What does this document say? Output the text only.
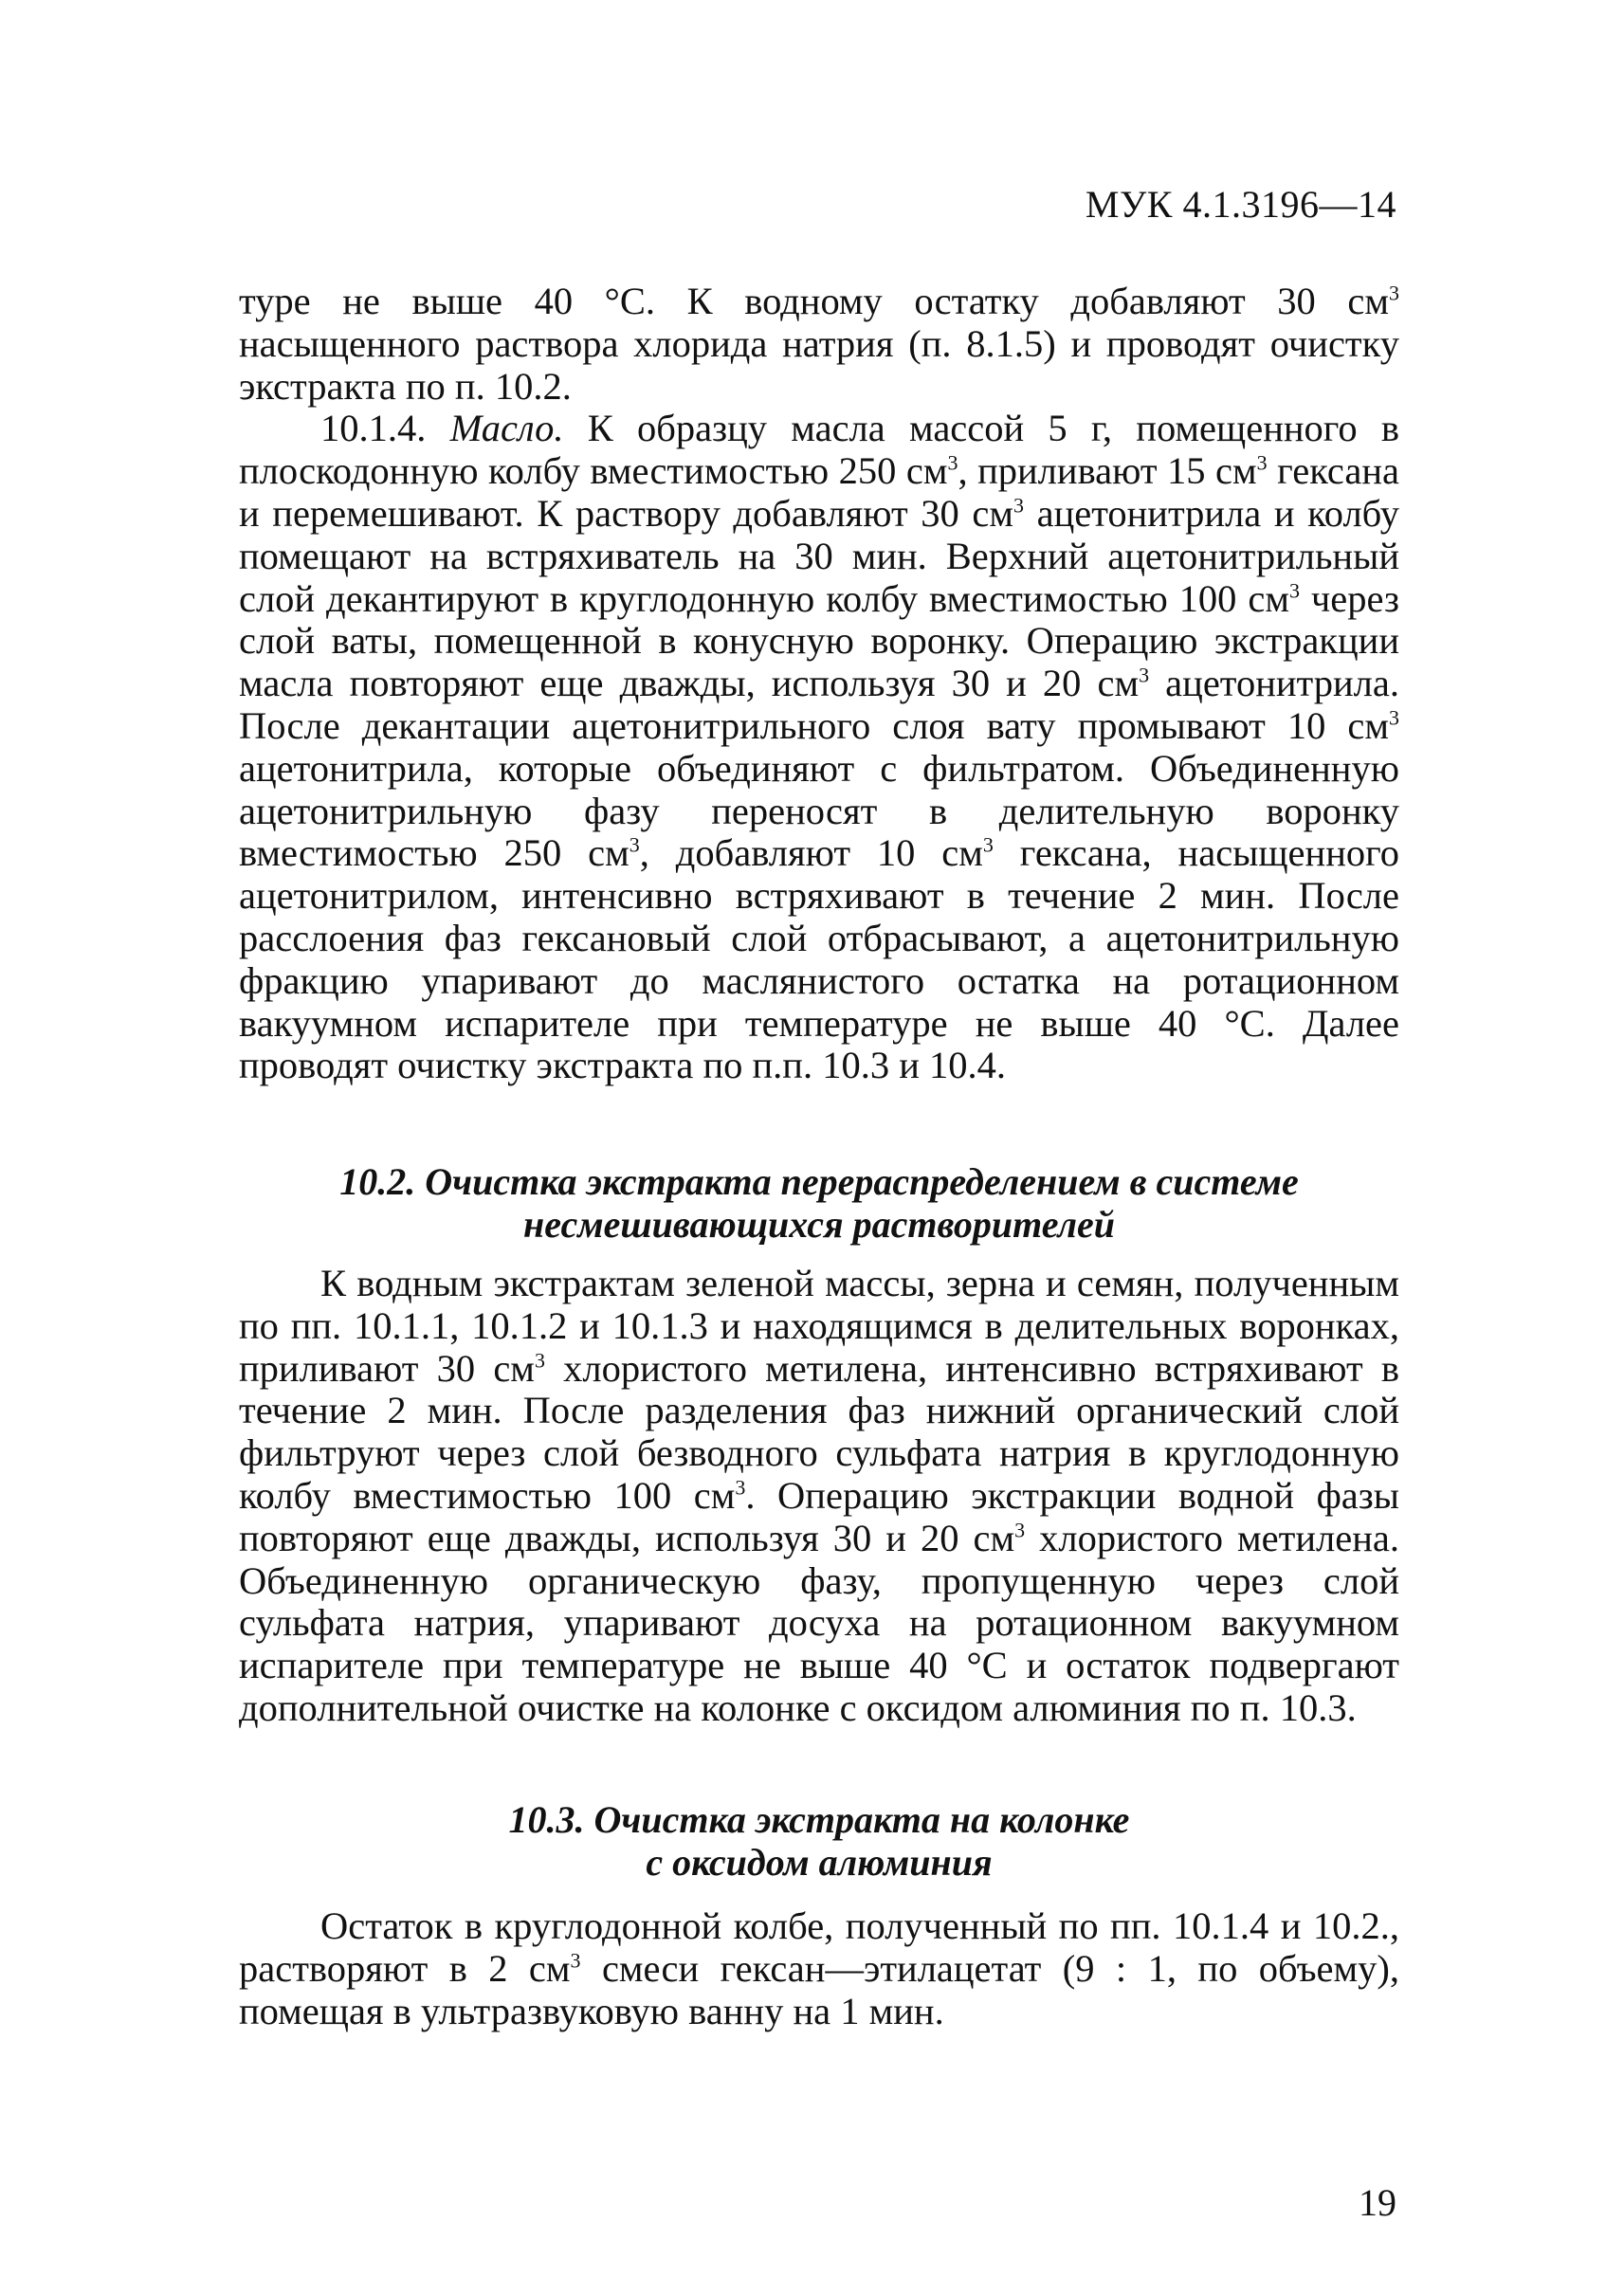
МУК 4.1.3196—14

туре не выше 40 °С. К водному остатку добавляют 30 $см^3$ насыщенного раствора хлорида натрия (п. 8.1.5) и проводят очистку экстракта по п. 10.2.

10.1.4. Масло. К образцу масла массой 5 г, помещенного в плоскодонную колбу вместимостью 250 $см^3$, приливают 15 $см^3$ гексана и перемешивают. К раствору добавляют 30 $см^3$ ацетонитрила и колбу помещают на встряхиватель на 30 мин. Верхний ацетонитрильный слой декантируют в круглодонную колбу вместимостью 100 $см^3$ через слой ваты, помещенной в конусную воронку. Операцию экстракции масла повторяют еще дважды, используя 30 и 20 $см^3$ ацетонитрила. После декантации ацетонитрильного слоя вату промывают 10 $см^3$ ацетонитрила, которые объединяют с фильтратом. Объединенную ацетонитрильную фазу переносят в делительную воронку вместимостью 250 $см^3$, добавляют 10 $см^3$ гексана, насыщенного ацетонитрилом, интенсивно встряхивают в течение 2 мин. После расслоения фаз гексановый слой отбрасывают, а ацетонитрильную фракцию упаривают до маслянистого остатка на ротационном вакуумном испарителе при температуре не выше 40 °С. Далее проводят очистку экстракта по п.п. 10.3 и 10.4.

10.2. Очистка экстракта перераспределением в системе
несмешивающихся растворителей

К водным экстрактам зеленой массы, зерна и семян, полученным по пп. 10.1.1, 10.1.2 и 10.1.3 и находящимся в делительных воронках, приливают 30 $см^3$ хлористого метилена, интенсивно встряхивают в течение 2 мин. После разделения фаз нижний органический слой фильтруют через слой безводного сульфата натрия в круглодонную колбу вместимостью 100 $см^3$. Операцию экстракции водной фазы повторяют еще дважды, используя 30 и 20 $см^3$ хлористого метилена. Объединенную органическую фазу, пропущенную через слой сульфата натрия, упаривают досуха на ротационном вакуумном испарителе при температуре не выше 40 °С и остаток подвергают дополнительной очистке на колонке с оксидом алюминия по п. 10.3.

10.3. Очистка экстракта на колонке
с оксидом алюминия

Остаток в круглодонной колбе, полученный по пп. 10.1.4 и 10.2., растворяют в 2 $см^3$ смеси гексан—этилацетат (9 : 1, по объему), помещая в ультразвуковую ванну на 1 мин.

19
